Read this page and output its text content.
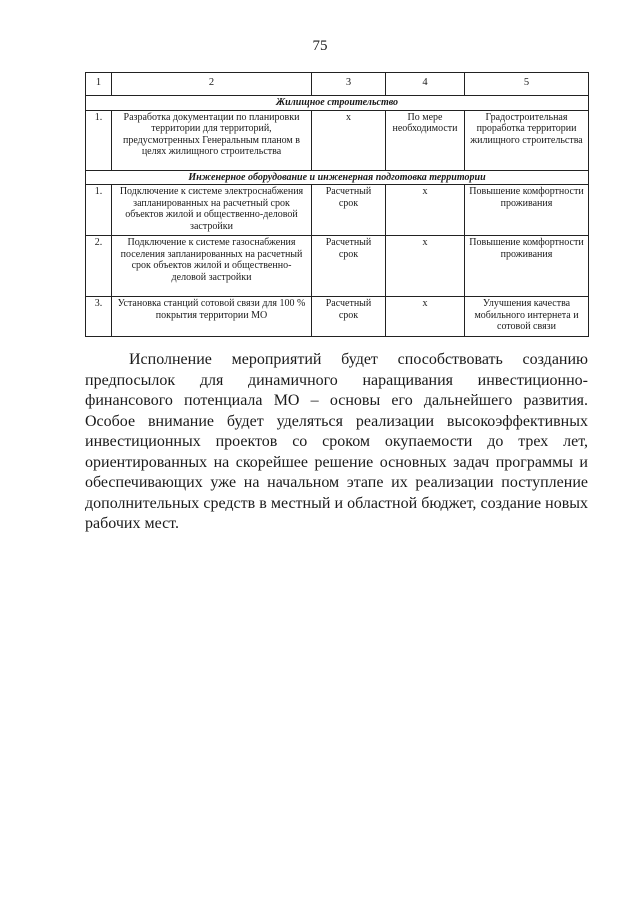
75
1	2	3	4	5
Жилищное строительство				
1.	Разработка документации по планировки территории для территорий, предусмотренных Генеральным планом в целях жилищного строительства	х	По мере необходимости	Градостроительная проработка территории жилищного строительства
Инженерное оборудование и инженерная подготовка территории				
1.	Подключение к системе электроснабжения запланированных на расчетный срок объектов жилой и общественно-деловой застройки	Расчетный срок	х	Повышение комфортности проживания
2.	Подключение к системе газоснабжения поселения запланированных на расчетный срок объектов жилой и общественно-деловой застройки	Расчетный срок	х	Повышение комфортности проживания
3.	Установка станций сотовой связи для 100 % покрытия территории МО	Расчетный срок	х	Улучшения качества мобильного интернета и сотовой связи

Исполнение мероприятий будет способствовать созданию предпосылок для динамичного наращивания инвестиционно-финансового потенциала МО – основы его дальнейшего развития. Особое внимание будет уделяться реализации высокоэффективных инвестиционных проектов со сроком окупаемости до трех лет, ориентированных на скорейшее решение основных задач программы и обеспечивающих уже на начальном этапе их реализации поступление дополнительных средств в местный и областной бюджет, создание новых рабочих мест.
